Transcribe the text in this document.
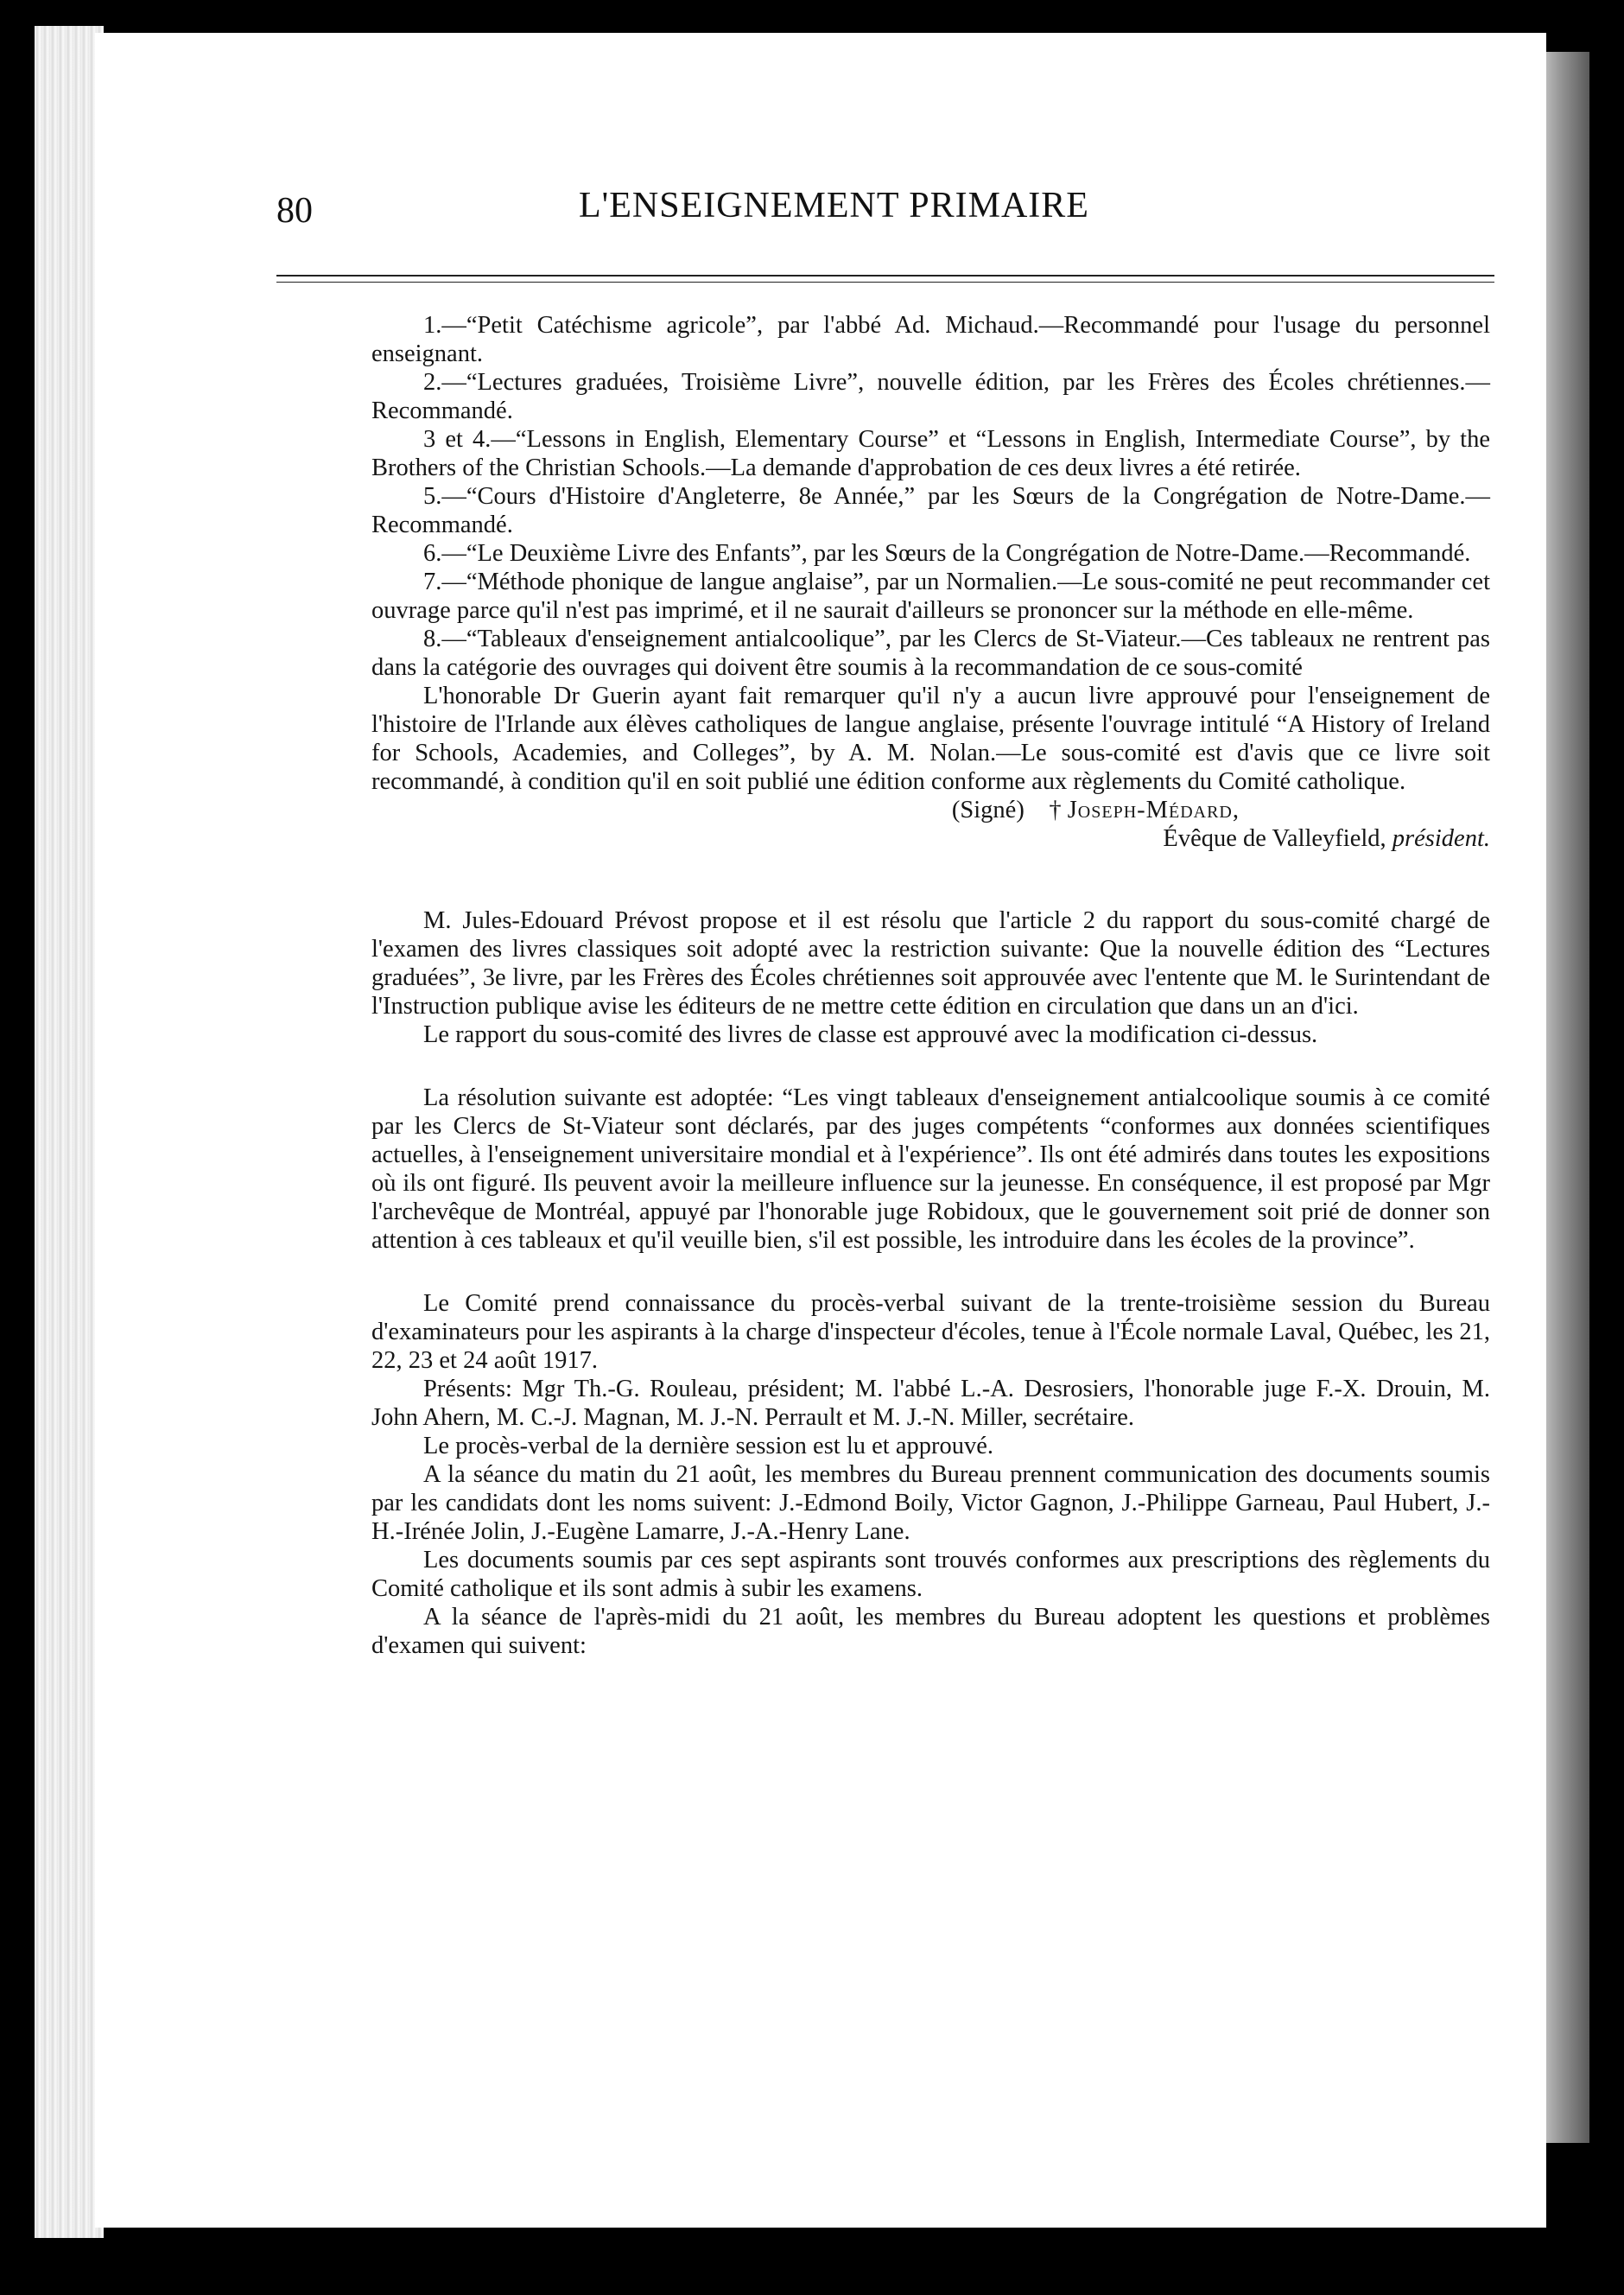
80	L'ENSEIGNEMENT PRIMAIRE

1.—“Petit Catéchisme agricole”, par l'abbé Ad. Michaud.—Recommandé pour l'usage du personnel enseignant.

2.—“Lectures graduées, Troisième Livre”, nouvelle édition, par les Frères des Écoles chrétiennes.—Recommandé.

3 et 4.—“Lessons in English, Elementary Course” et “Lessons in English, Intermediate Course”, by the Brothers of the Christian Schools.—La demande d'approbation de ces deux livres a été retirée.

5.—“Cours d'Histoire d'Angleterre, 8e Année,” par les Sœurs de la Congrégation de Notre-Dame.—Recommandé.

6.—“Le Deuxième Livre des Enfants”, par les Sœurs de la Congrégation de Notre-Dame.—Recommandé.

7.—“Méthode phonique de langue anglaise”, par un Normalien.—Le sous-comité ne peut recommander cet ouvrage parce qu'il n'est pas imprimé, et il ne saurait d'ailleurs se prononcer sur la méthode en elle-même.

8.—“Tableaux d'enseignement antialcoolique”, par les Clercs de St-Viateur.—Ces tableaux ne rentrent pas dans la catégorie des ouvrages qui doivent être soumis à la recommandation de ce sous-comité

L'honorable Dr Guerin ayant fait remarquer qu'il n'y a aucun livre approuvé pour l'enseignement de l'histoire de l'Irlande aux élèves catholiques de langue anglaise, présente l'ouvrage intitulé “A History of Ireland for Schools, Academies, and Colleges”, by A. M. Nolan.—Le sous-comité est d'avis que ce livre soit recommandé, à condition qu'il en soit publié une édition conforme aux règlements du Comité catholique.

(Signé) † Joseph-Médard,

Évêque de Valleyfield, président.

M. Jules-Edouard Prévost propose et il est résolu que l'article 2 du rapport du sous-comité chargé de l'examen des livres classiques soit adopté avec la restriction suivante: Que la nouvelle édition des “Lectures graduées”, 3e livre, par les Frères des Écoles chrétiennes soit approuvée avec l'entente que M. le Surintendant de l'Instruction publique avise les éditeurs de ne mettre cette édition en circulation que dans un an d'ici.

Le rapport du sous-comité des livres de classe est approuvé avec la modification ci-dessus.

La résolution suivante est adoptée: “Les vingt tableaux d'enseignement antialcoolique soumis à ce comité par les Clercs de St-Viateur sont déclarés, par des juges compétents “conformes aux données scientifiques actuelles, à l'enseignement universitaire mondial et à l'expérience”. Ils ont été admirés dans toutes les expositions où ils ont figuré. Ils peuvent avoir la meilleure influence sur la jeunesse. En conséquence, il est proposé par Mgr l'archevêque de Montréal, appuyé par l'honorable juge Robidoux, que le gouvernement soit prié de donner son attention à ces tableaux et qu'il veuille bien, s'il est possible, les introduire dans les écoles de la province”.

Le Comité prend connaissance du procès-verbal suivant de la trente-troisième session du Bureau d'examinateurs pour les aspirants à la charge d'inspecteur d'écoles, tenue à l'École normale Laval, Québec, les 21, 22, 23 et 24 août 1917.

Présents: Mgr Th.-G. Rouleau, président; M. l'abbé L.-A. Desrosiers, l'honorable juge F.-X. Drouin, M. John Ahern, M. C.-J. Magnan, M. J.-N. Perrault et M. J.-N. Miller, secrétaire.

Le procès-verbal de la dernière session est lu et approuvé.

A la séance du matin du 21 août, les membres du Bureau prennent communication des documents soumis par les candidats dont les noms suivent: J.-Edmond Boily, Victor Gagnon, J.-Philippe Garneau, Paul Hubert, J.-H.-Irénée Jolin, J.-Eugène Lamarre, J.-A.-Henry Lane.

Les documents soumis par ces sept aspirants sont trouvés conformes aux prescriptions des règlements du Comité catholique et ils sont admis à subir les examens.

A la séance de l'après-midi du 21 août, les membres du Bureau adoptent les questions et problèmes d'examen qui suivent:
